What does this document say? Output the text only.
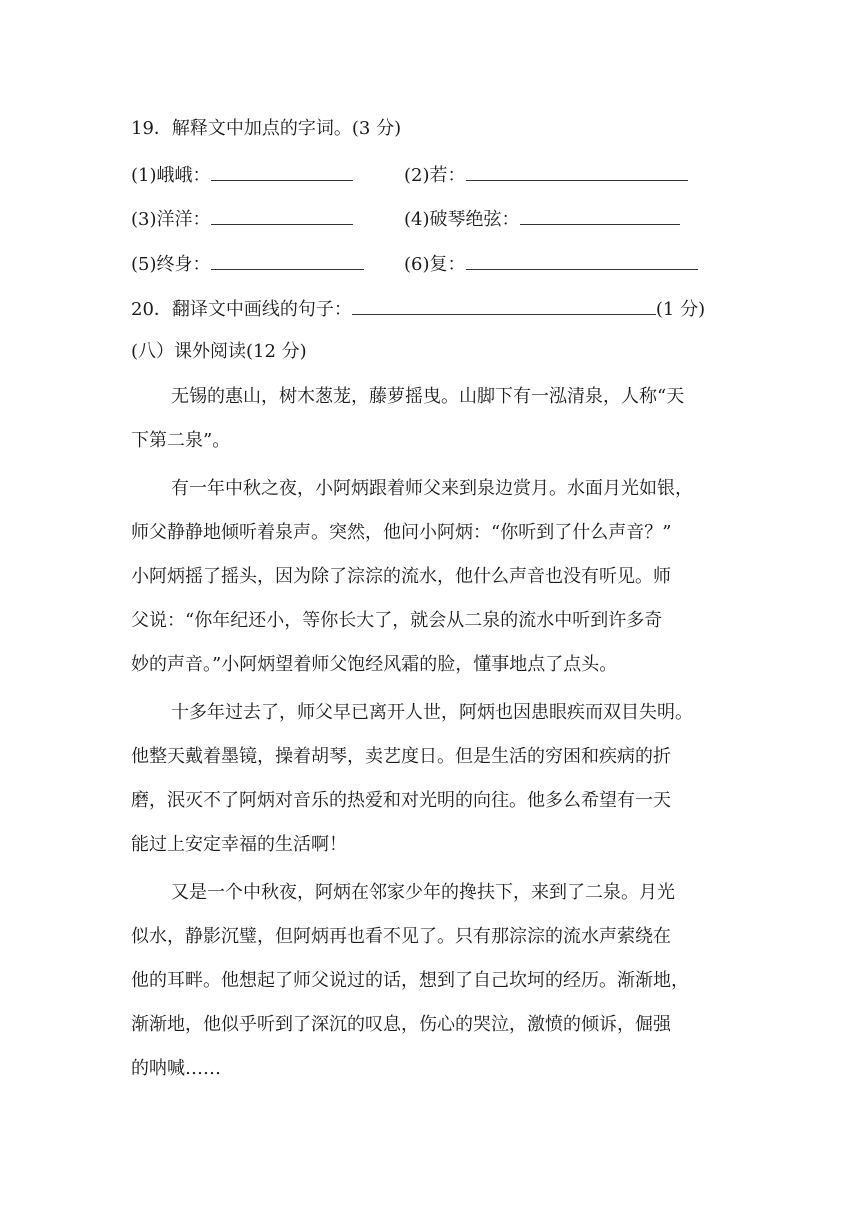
19．解释文中加点的字词。(3 分)
(1)峨峨：	(2)若：
(3)洋洋：	(4)破琴绝弦：
(5)终身：	(6)复：
20．翻译文中画线的句子：	(1 分)
(八）课外阅读(12 分)
无锡的惠山，树木葱茏，藤萝摇曳。山脚下有一泓清泉，人称“天
下第二泉”。
有一年中秋之夜，小阿炳跟着师父来到泉边赏月。水面月光如银，
师父静静地倾听着泉声。突然，他问小阿炳：“你听到了什么声音？”
小阿炳摇了摇头，因为除了淙淙的流水，他什么声音也没有听见。师
父说：“你年纪还小，等你长大了，就会从二泉的流水中听到许多奇
妙的声音。”小阿炳望着师父饱经风霜的脸，懂事地点了点头。
十多年过去了，师父早已离开人世，阿炳也因患眼疾而双目失明。
他整天戴着墨镜，操着胡琴，卖艺度日。但是生活的穷困和疾病的折
磨，泯灭不了阿炳对音乐的热爱和对光明的向往。他多么希望有一天
能过上安定幸福的生活啊！
又是一个中秋夜，阿炳在邻家少年的搀扶下，来到了二泉。月光
似水，静影沉璧，但阿炳再也看不见了。只有那淙淙的流水声萦绕在
他的耳畔。他想起了师父说过的话，想到了自己坎坷的经历。渐渐地，
渐渐地，他似乎听到了深沉的叹息，伤心的哭泣，激愤的倾诉，倔强
的呐喊……
